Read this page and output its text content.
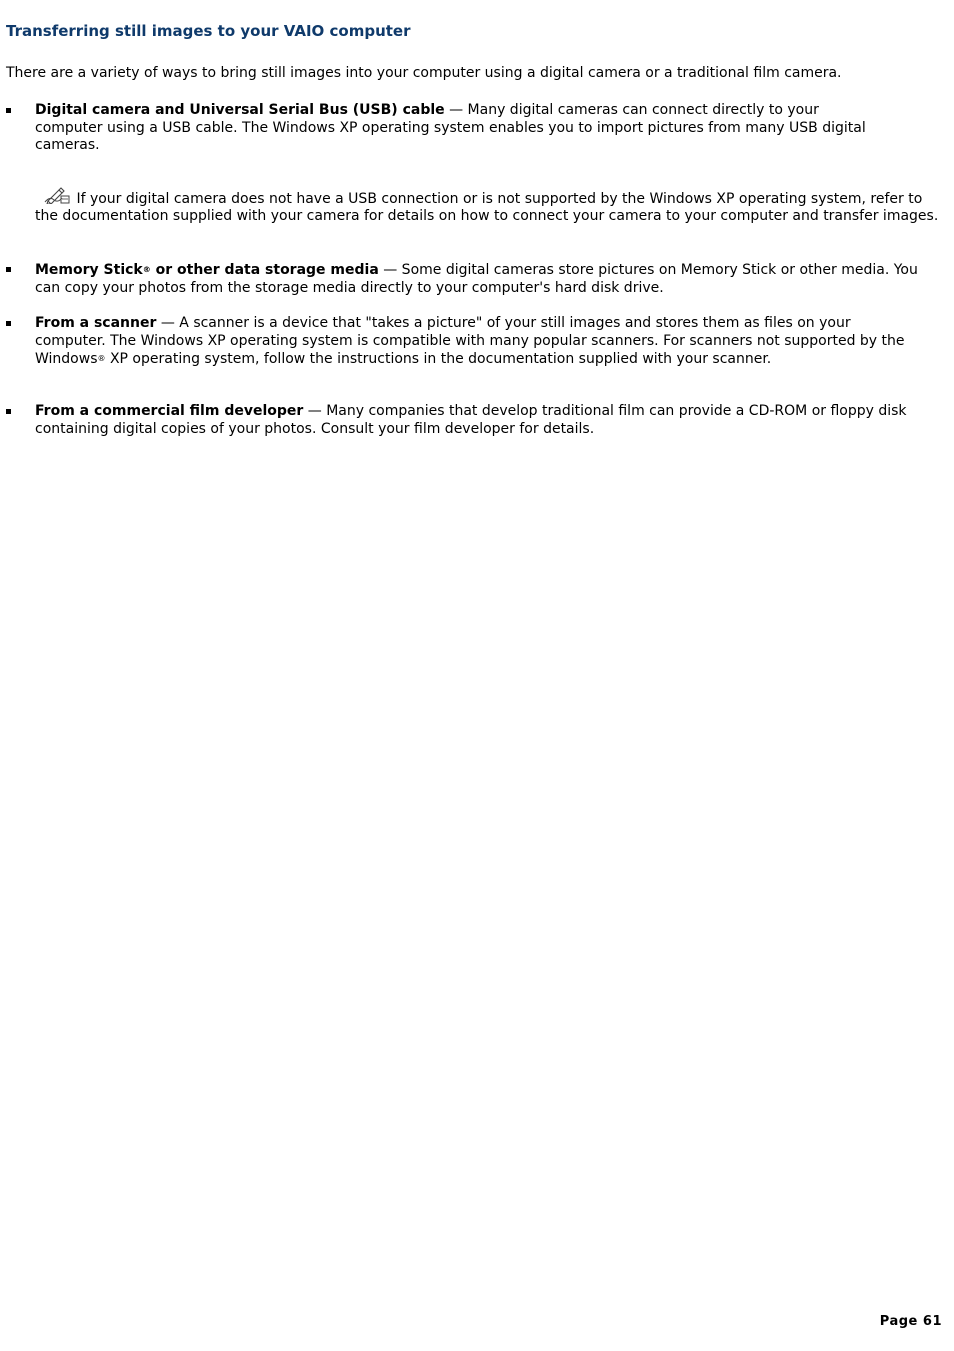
Transferring still images to your VAIO computer
There are a variety of ways to bring still images into your computer using a digital camera or a traditional film camera.
Digital camera and Universal Serial Bus (USB) cable — Many digital cameras can connect directly to your computer using a USB cable. The Windows XP operating system enables you to import pictures from many USB digital cameras.
If your digital camera does not have a USB connection or is not supported by the Windows XP operating system, refer to the documentation supplied with your camera for details on how to connect your camera to your computer and transfer images.
Memory Stick® or other data storage media — Some digital cameras store pictures on Memory Stick or other media. You can copy your photos from the storage media directly to your computer's hard disk drive.
From a scanner — A scanner is a device that "takes a picture" of your still images and stores them as files on your computer. The Windows XP operating system is compatible with many popular scanners. For scanners not supported by the Windows® XP operating system, follow the instructions in the documentation supplied with your scanner.
From a commercial film developer — Many companies that develop traditional film can provide a CD-ROM or floppy disk containing digital copies of your photos. Consult your film developer for details.
Page 61
